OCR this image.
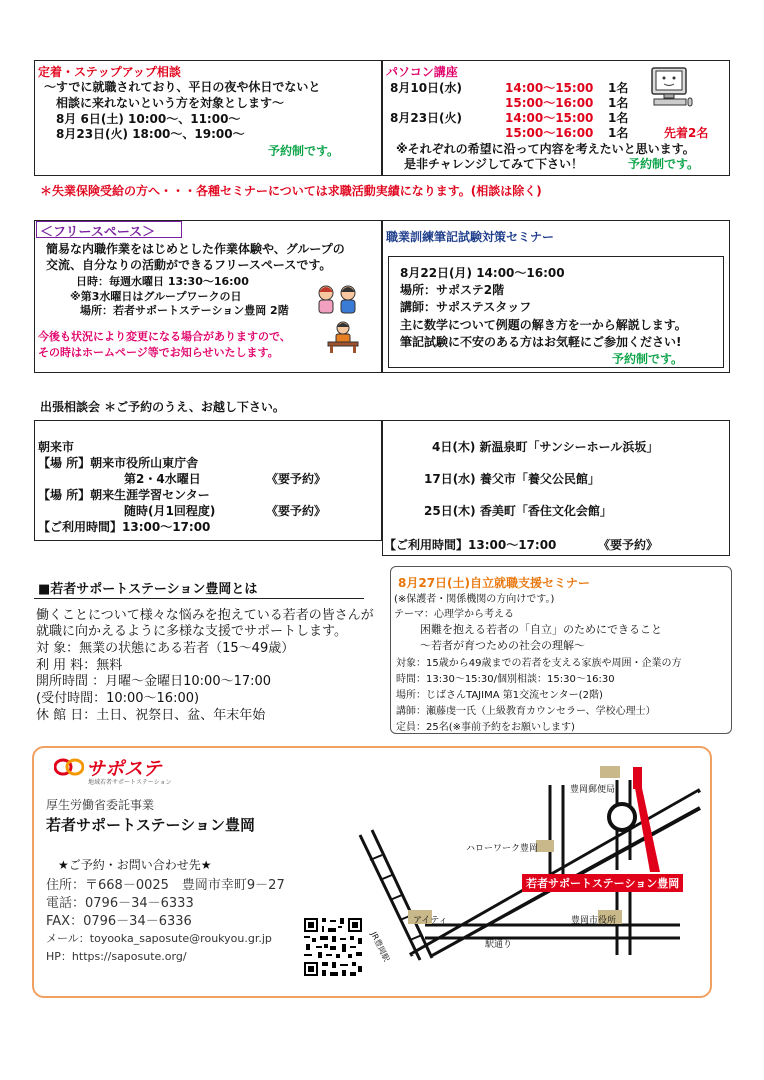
定着・ステップアップ相談
〜すでに就職されており、平日の夜や休日でないと
相談に来れないという方を対象とします〜
8月 6日(土) 10:00〜、11:00〜
8月23日(火) 18:00〜、19:00〜
予約制です。
パソコン講座
8月10日(水)	14:00〜15:00 1名
15:00〜16:00 1名
8月23日(火)	14:00〜15:00 1名
15:00〜16:00 1名	先着2名
※それぞれの希望に沿って内容を考えたいと思います。
是非チャレンジしてみて下さい！	予約制です。
＊失業保険受給の方へ・・・各種セミナーについては求職活動実績になります。(相談は除く)
＜フリースペース＞
簡易な内職作業をはじめとした作業体験や、グループの
交流、自分なりの活動ができるフリースペースです。
日時：毎週水曜日 13:30〜16:00
※第3水曜日はグループワークの日
場所：若者サポートステーション豊岡 2階
今後も状況により変更になる場合がありますので、
その時はホームページ等でお知らせいたします。
職業訓練筆記試験対策セミナー
8月22日(月) 14:00〜16:00
場所：サポステ2階
講師：サポステスタッフ
主に数学について例題の解き方を一から解説します。
筆記試験に不安のある方はお気軽にご参加ください!
予約制です。
出張相談会 ＊ご予約のうえ、お越し下さい。
朝来市
【場 所】朝来市役所山東庁舎
第2・4水曜日	《要予約》
【場 所】朝来生涯学習センター
随時(月1回程度)	《要予約》
【ご利用時間】13:00〜17:00
4日(木) 新温泉町「サンシーホール浜坂」
17日(水) 養父市「養父公民館」
25日(木) 香美町「香住文化会館」
【ご利用時間】13:00〜17:00	《要予約》
■若者サポートステーション豊岡とは
働くことについて様々な悩みを抱えている若者の皆さんが
就職に向かえるように多様な支援でサポートします。
対 象：無業の状態にある若者（15〜49歳）
利 用 料：無料
開所時間 ：月曜〜金曜日10:00〜17:00
(受付時間：10:00〜16:00)
休 館 日：土日、祝祭日、盆、年末年始
8月27日(土)自立就職支援セミナー
(※保護者・関係機関の方向けです。)
テーマ：心理学から考える
困難を抱える若者の「自立」のためにできること
〜若者が育つための社会の理解〜
対象：15歳から49歳までの若者を支える家族や周囲・企業の方
時間：13:30〜15:30/個別相談：15:30〜16:30
場所：じばさんTAJIMA 第1交流センター(2階)
講師：瀬藤虔一氏（上級教育カウンセラー、学校心理士）
定員：25名(※事前予約をお願いします)
サポステ
地域若者サポートステーション
厚生労働省委託事業
若者サポートステーション豊岡
★ご予約・お問い合わせ先★
住所：〒668－0025　豊岡市幸町9－27
電話：0796－34－6333
FAX：0796－34－6336
メール：toyooka_saposute@roukyou.gr.jp
HP：https://saposute.org/
豊岡郵便局
ハローワーク豊岡
若者サポートステーション豊岡
アイティ	豊岡市役所
駅通り
JR豊岡駅
